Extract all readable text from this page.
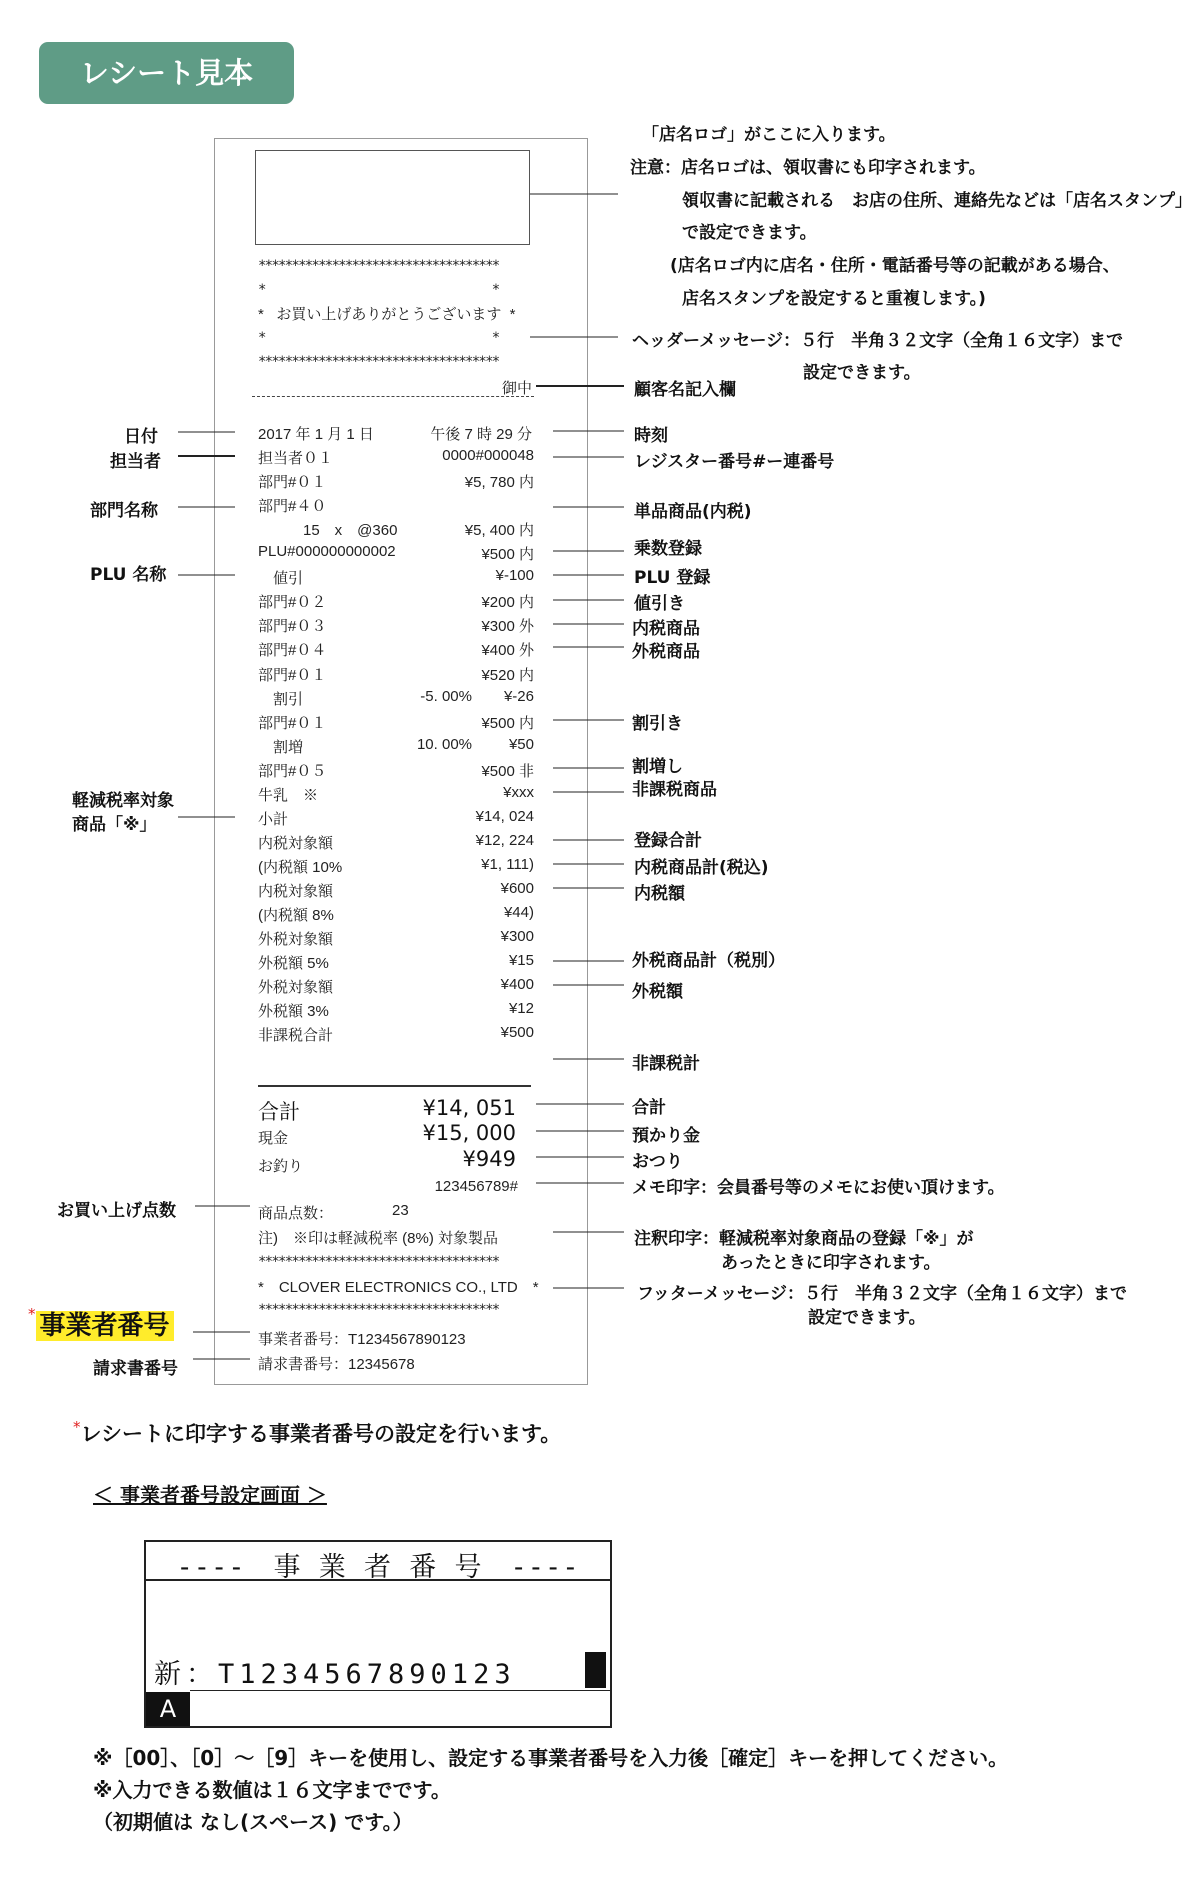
レシート見本
************************************
*                                  *
*   お買い上げありがとうございます  *
*                                  *
************************************
御中
2017 年 1 月 1 日	午後 7 時 29 分
担当者０１	0000#000048
部門#０１	¥5, 780 内
部門#４０
　　　15　x　@360	¥5, 400 内
PLU#000000000002	¥500 内
　値引	¥-100
部門#０２	¥200 内
部門#０３	¥300 外
部門#０４	¥400 外
部門#０１	¥520 内
　割引	-5. 00%	¥-26
部門#０１	¥500 内
　割増	10. 00%	¥50
部門#０５	¥500 非
牛乳　※	¥xxx
小計	¥14, 024
内税対象額	¥12, 224
(内税額 10%	¥1, 111)
内税対象額	¥600
(内税額 8%	¥44)
外税対象額	¥300
外税額 5%	¥15
外税対象額	¥400
外税額 3%	¥12
非課税合計	¥500
合計	¥14, 051
現金	¥15, 000
お釣り	¥949
123456789#
商品点数：	23
注)　※印は軽減税率 (8%) 対象製品
************************************
*　CLOVER ELECTRONICS CO., LTD　*
************************************
事業者番号：T1234567890123
請求書番号：12345678
日付
担当者
部門名称
PLU 名称
軽減税率対象
商品「※」
お買い上げ点数
* 事業者番号
請求書番号
「店名ロゴ」がここに入ります。
注意：店名ロゴは、領収書にも印字されます。
領収書に記載される　お店の住所、連絡先などは「店名スタンプ」
で設定できます。
(店名ロゴ内に店名・住所・電話番号等の記載がある場合、
店名スタンプを設定すると重複します。)
ヘッダーメッセージ：５行　半角３２文字（全角１６文字）まで
設定できます。
顧客名記入欄
時刻
レジスター番号#ー連番号
単品商品(内税)
乗数登録
PLU 登録
値引き
内税商品
外税商品
割引き
割増し
非課税商品
登録合計
内税商品計(税込)
内税額
外税商品計（税別）
外税額
非課税計
合計
預かり金
おつり
メモ印字：会員番号等のメモにお使い頂けます。
注釈印字：軽減税率対象商品の登録「※」が
あったときに印字されます。
フッターメッセージ：５行　半角３２文字（全角１６文字）まで
設定できます。
*レシートに印字する事業者番号の設定を行います。
＜ 事業者番号設定画面 ＞
----　事 業 者 番 号　----
新：T1234567890123
A
※［00］、［0］～［9］キーを使用し、設定する事業者番号を入力後［確定］キーを押してください。
※入力できる数値は１６文字までです。
（初期値は なし(スペース) です。）
